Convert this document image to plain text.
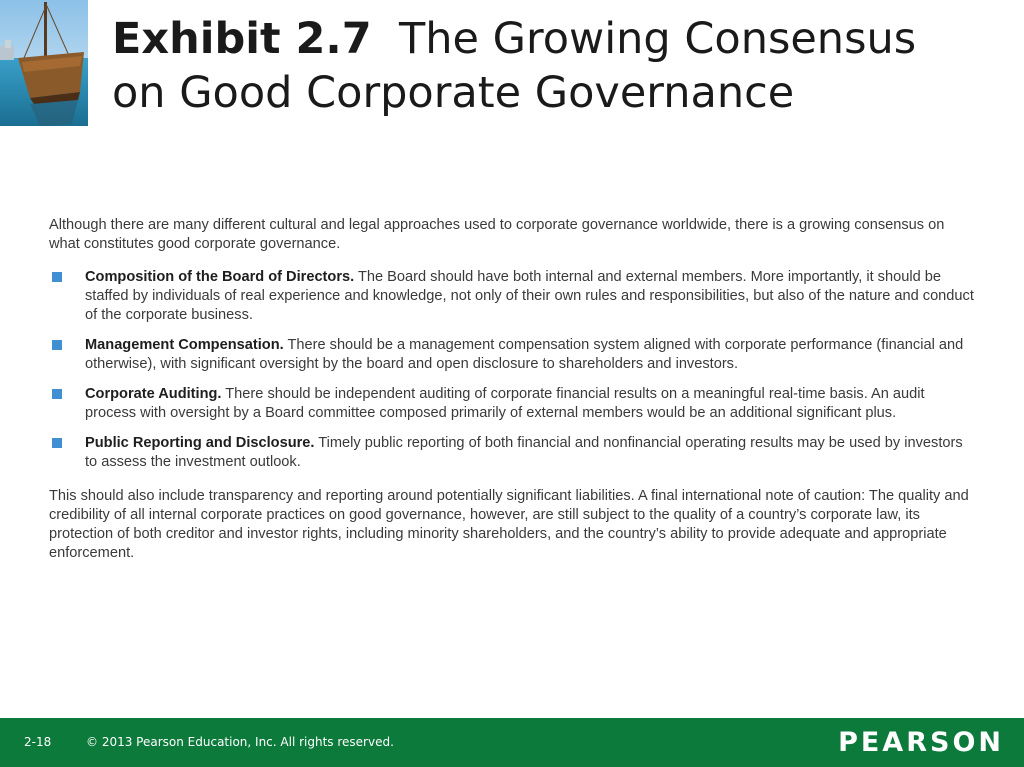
Exhibit 2.7 The Growing Consensus
on Good Corporate Governance

Although there are many different cultural and legal approaches used to corporate governance worldwide, there is a growing consensus on what constitutes good corporate governance.

Composition of the Board of Directors. The Board should have both internal and external members. More importantly, it should be staffed by individuals of real experience and knowledge, not only of their own rules and responsibilities, but also of the nature and conduct of the corporate business.
Management Compensation. There should be a management compensation system aligned with corporate performance (financial and otherwise), with significant oversight by the board and open disclosure to shareholders and investors.
Corporate Auditing. There should be independent auditing of corporate financial results on a meaningful real-time basis. An audit process with oversight by a Board committee composed primarily of external members would be an additional significant plus.
Public Reporting and Disclosure. Timely public reporting of both financial and nonfinancial operating results may be used by investors to assess the investment outlook.

This should also include transparency and reporting around potentially significant liabilities. A final international note of caution: The quality and credibility of all internal corporate practices on good governance, however, are still subject to the quality of a country’s corporate law, its protection of both creditor and investor rights, including minority shareholders, and the country’s ability to provide adequate and appropriate enforcement.

2-18	© 2013 Pearson Education, Inc. All rights reserved.	PEARSON
